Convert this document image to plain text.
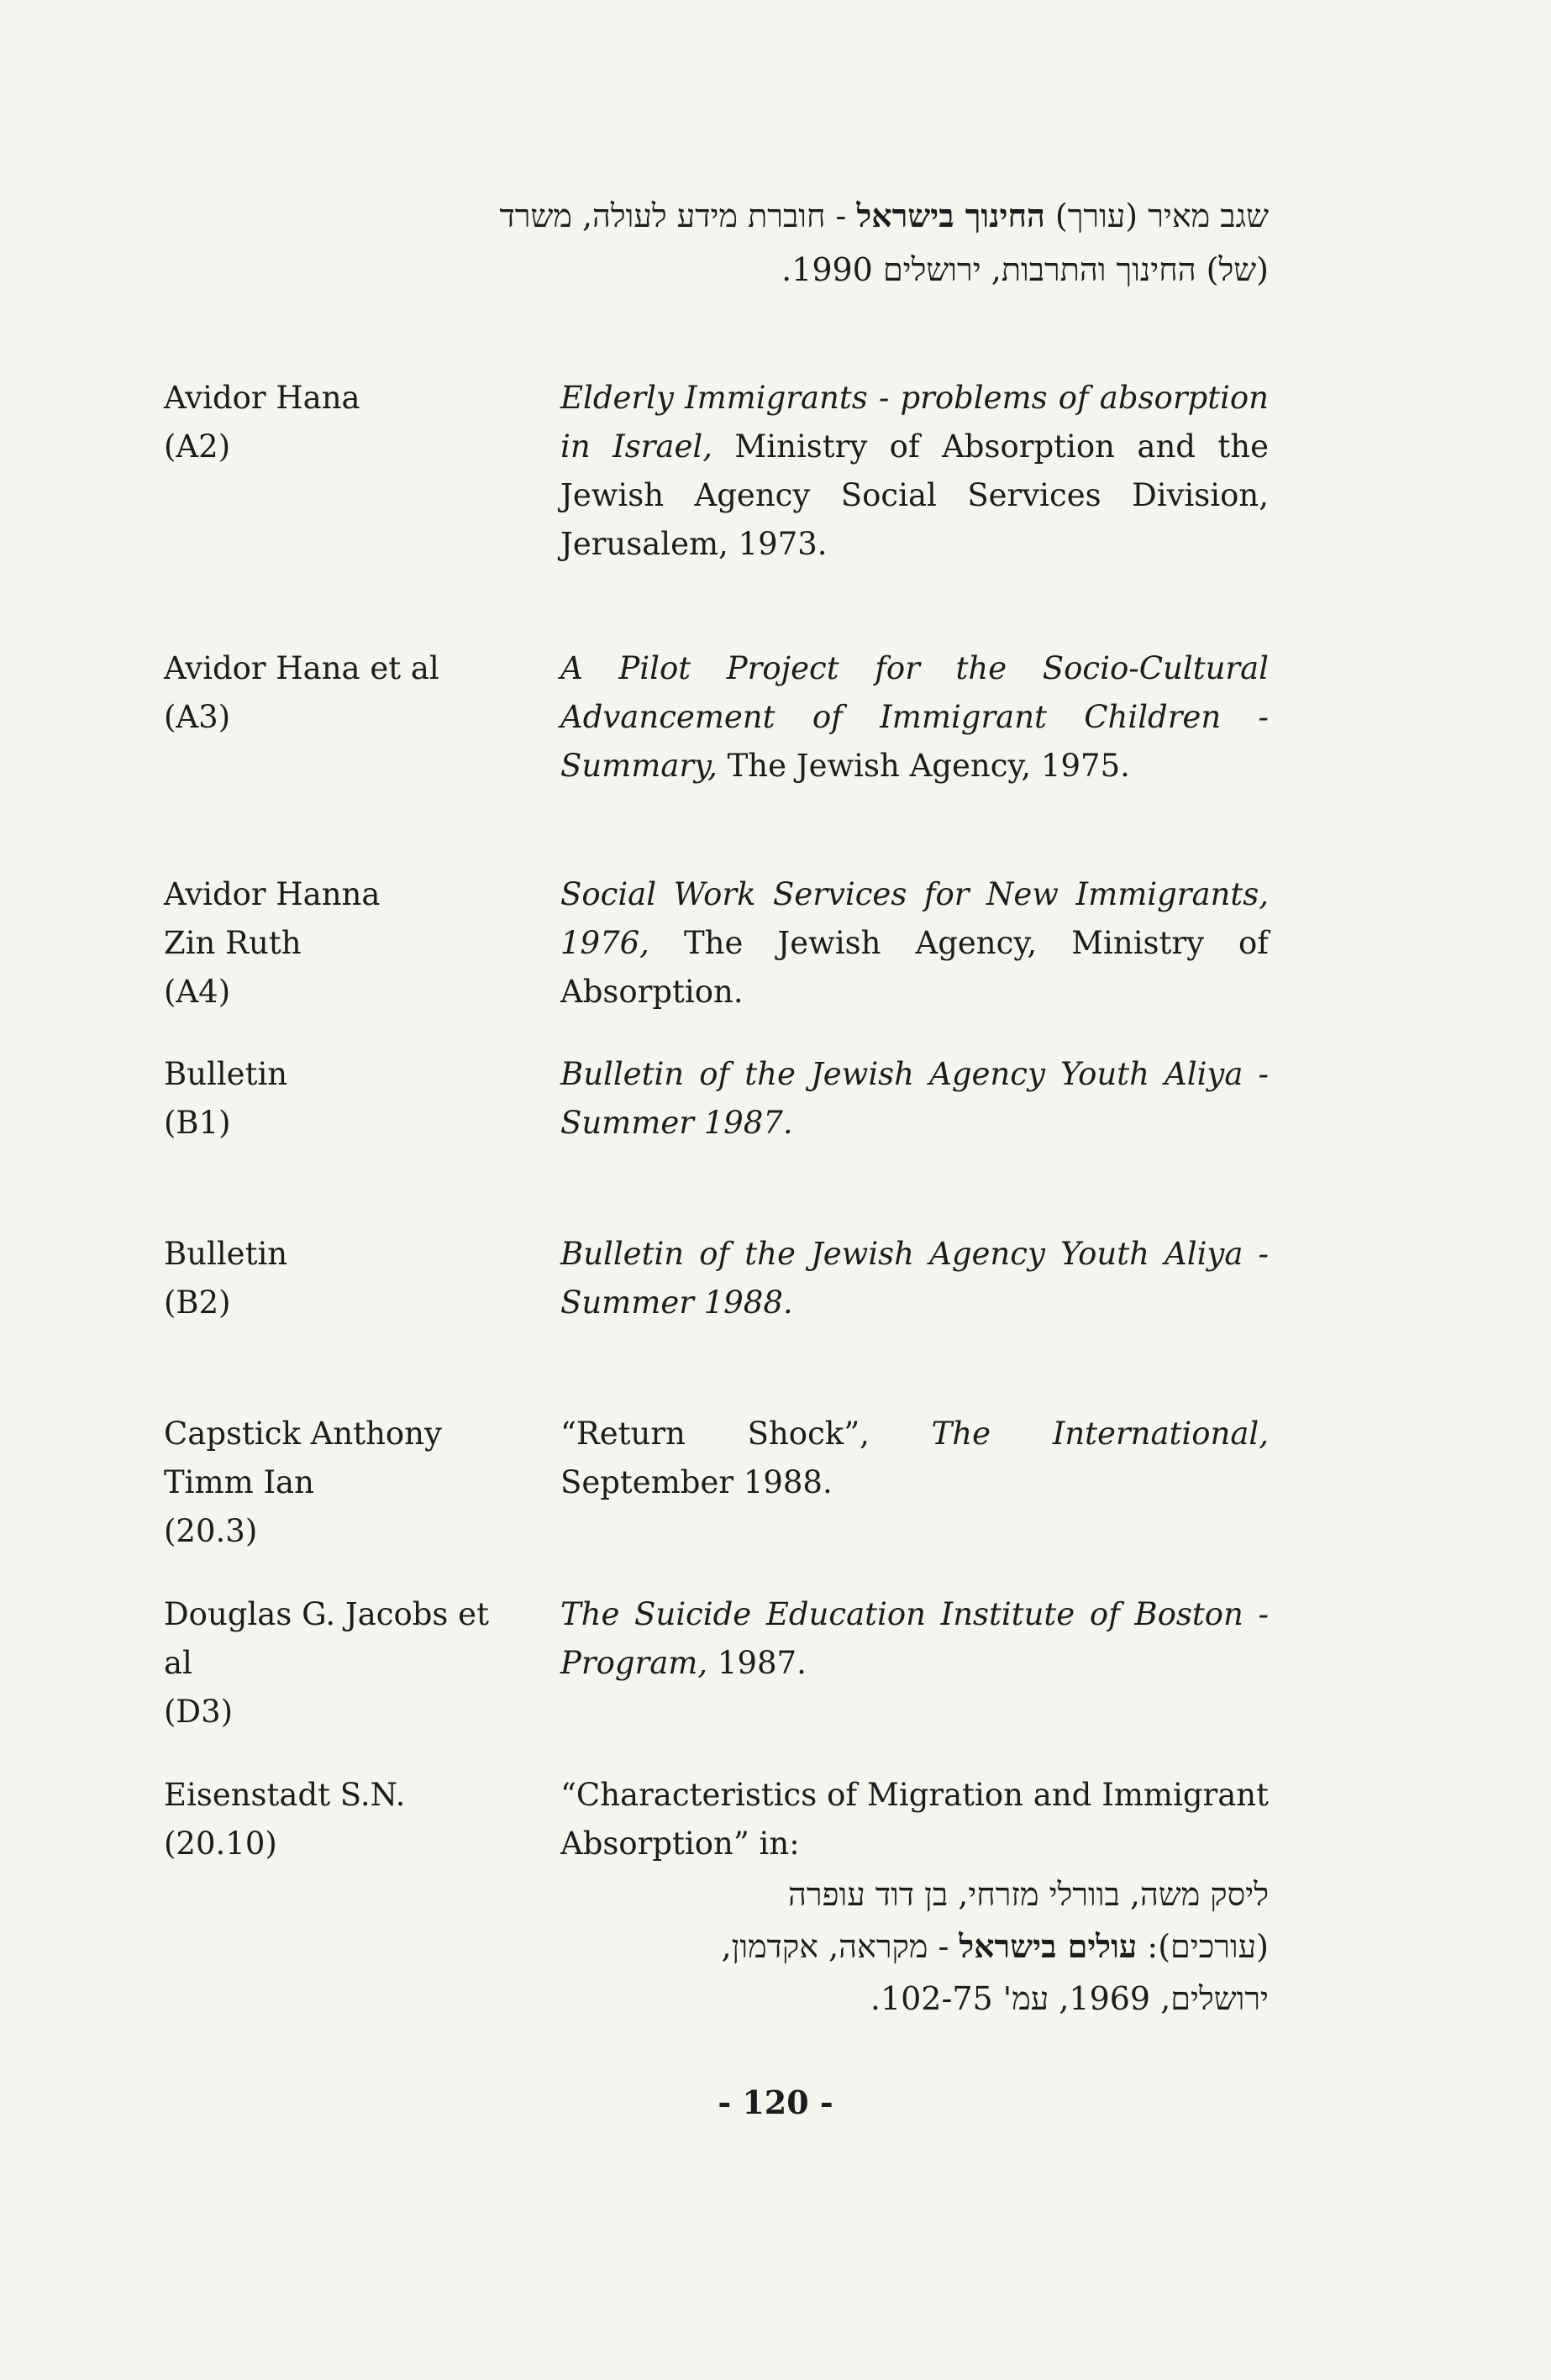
שגב מאיר (עורך) החינוך בישראל - חוברת מידע לעולה, משרד
(של) החינוך והתרבות, ירושלים 1990.
Avidor Hana
(A2)
Elderly Immigrants - problems of absorption in Israel, Ministry of Absorption and the Jewish Agency Social Services Division, Jerusalem, 1973.
Avidor Hana et al
(A3)
A Pilot Project for the Socio-Cultural Advancement of Immigrant Children - Summary, The Jewish Agency, 1975.
Avidor Hanna
Zin Ruth
(A4)
Social Work Services for New Immigrants, 1976, The Jewish Agency, Ministry of Absorption.
Bulletin
(B1)
Bulletin of the Jewish Agency Youth Aliya - Summer 1987.
Bulletin
(B2)
Bulletin of the Jewish Agency Youth Aliya - Summer 1988.
Capstick Anthony
Timm Ian
(20.3)
“Return Shock”, The International, September 1988.
Douglas G. Jacobs et al
(D3)
The Suicide Education Institute of Boston - Program, 1987.
Eisenstadt S.N.
(20.10)
“Characteristics of Migration and Immigrant Absorption” in:
ליסק משה, בוורלי מזרחי, בן דוד עופרה
(עורכים): עולים בישראל - מקראה, אקדמון,
ירושלים, 1969, עמ' 102-75.
- 120 -
